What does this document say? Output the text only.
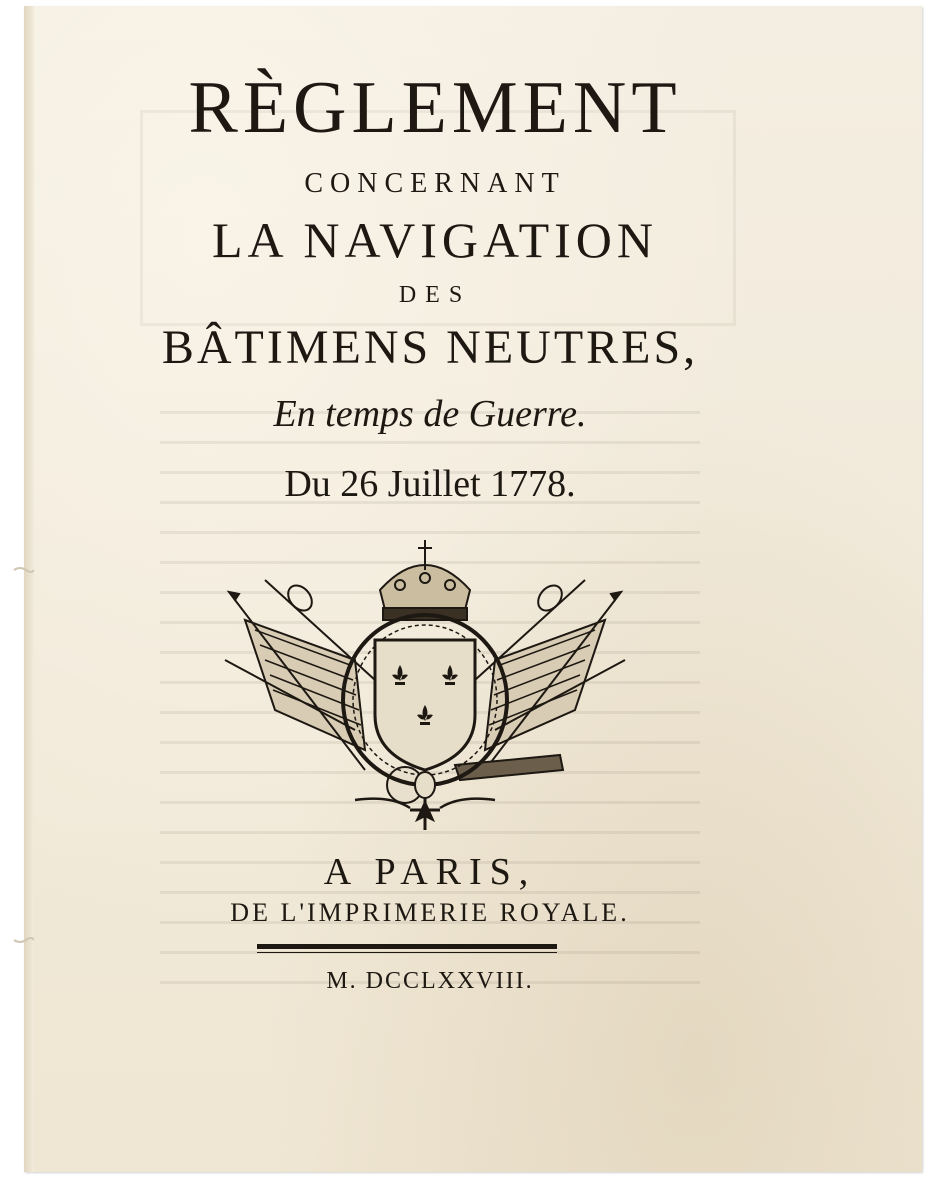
RÈGLEMENT
CONCERNANT
LA NAVIGATION
DES
BÂTIMENS NEUTRES,
En temps de Guerre.
Du 26 Juillet 1778.
A PARIS,
DE L'IMPRIMERIE ROYALE.
M. DCCLXXVIII.
